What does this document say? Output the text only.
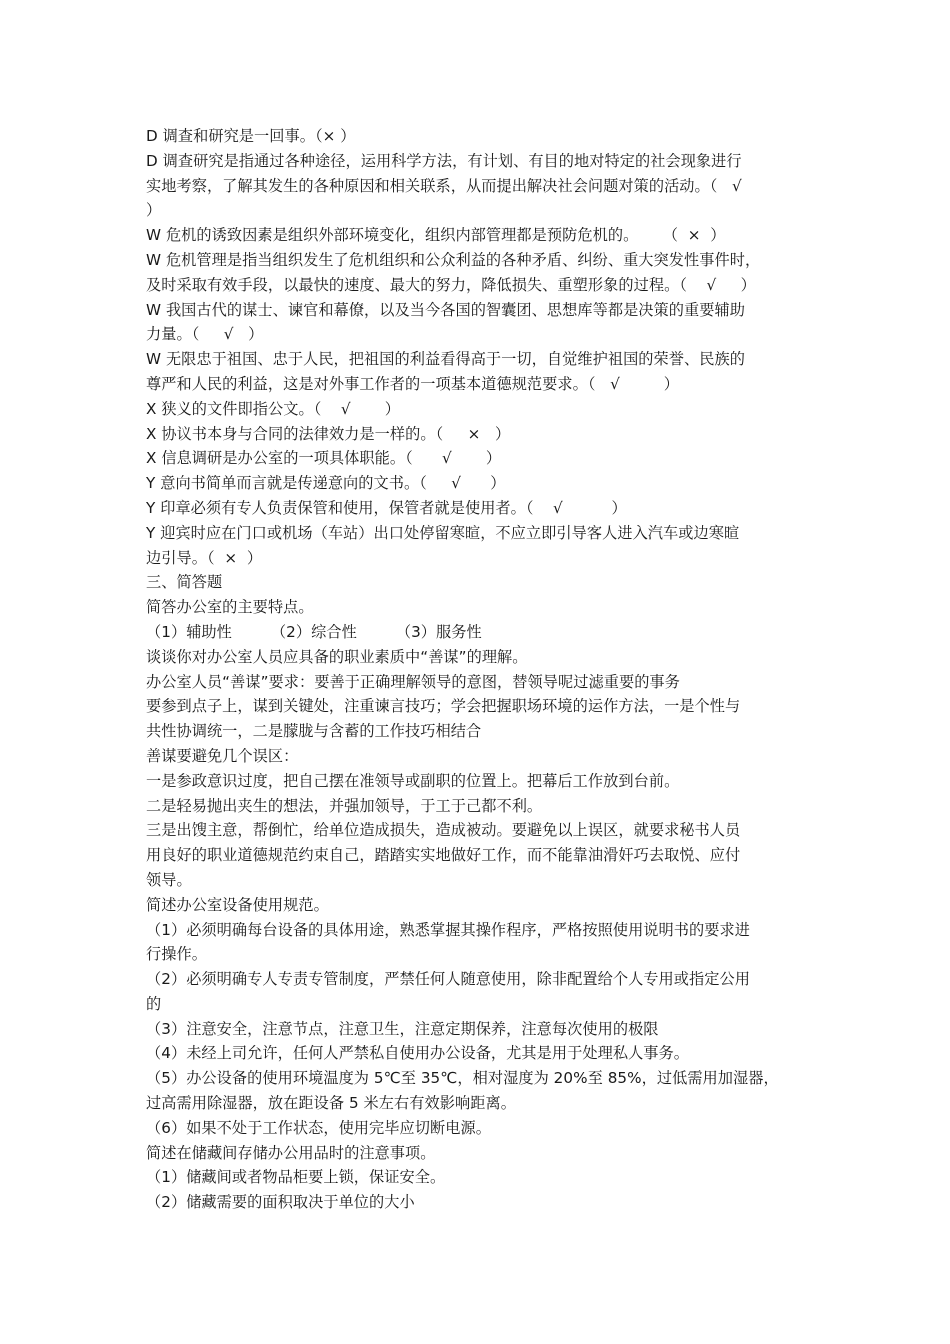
D 调查和研究是一回事。（× ）
D 调查研究是指通过各种途径，运用科学方法，有计划、有目的地对特定的社会现象进行
实地考察，了解其发生的各种原因和相关联系，从而提出解决社会问题对策的活动。（   √
）
W 危机的诱致因素是组织外部环境变化，组织内部管理都是预防危机的。     （  ×  ）
W 危机管理是指当组织发生了危机组织和公众利益的各种矛盾、纠纷、重大突发性事件时，
及时采取有效手段，以最快的速度、最大的努力，降低损失、重塑形象的过程。（    √     ）
W 我国古代的谋士、谏官和幕僚，以及当今各国的智囊团、思想库等都是决策的重要辅助
力量。（     √   ）
W 无限忠于祖国、忠于人民，把祖国的利益看得高于一切，自觉维护祖国的荣誉、民族的
尊严和人民的利益，这是对外事工作者的一项基本道德规范要求。（   √         ）
X 狭义的文件即指公文。（    √       ）
X 协议书本身与合同的法律效力是一样的。（     ×   ）
X 信息调研是办公室的一项具体职能。（      √       ）
Y 意向书简单而言就是传递意向的文书。（     √      ）
Y 印章必须有专人负责保管和使用，保管者就是使用者。（    √          ）
Y 迎宾时应在门口或机场（车站）出口处停留寒暄，不应立即引导客人进入汽车或边寒暄
边引导。（  ×  ）
三、简答题
简答办公室的主要特点。
（1）辅助性        （2）综合性        （3）服务性
谈谈你对办公室人员应具备的职业素质中“善谋”的理解。
办公室人员“善谋”要求：要善于正确理解领导的意图，替领导呢过滤重要的事务
要参到点子上，谋到关键处，注重谏言技巧；学会把握职场环境的运作方法，一是个性与
共性协调统一，二是朦胧与含蓄的工作技巧相结合
善谋要避免几个误区：
一是参政意识过度，把自己摆在准领导或副职的位置上。把幕后工作放到台前。
二是轻易抛出夹生的想法，并强加领导，于工于己都不利。
三是出馊主意，帮倒忙，给单位造成损失，造成被动。要避免以上误区，就要求秘书人员
用良好的职业道德规范约束自己，踏踏实实地做好工作，而不能靠油滑奸巧去取悦、应付
领导。
简述办公室设备使用规范。
（1）必须明确每台设备的具体用途，熟悉掌握其操作程序，严格按照使用说明书的要求进
行操作。
（2）必须明确专人专责专管制度，严禁任何人随意使用，除非配置给个人专用或指定公用
的
（3）注意安全，注意节点，注意卫生，注意定期保养，注意每次使用的极限
（4）未经上司允许，任何人严禁私自使用办公设备，尤其是用于处理私人事务。
（5）办公设备的使用环境温度为 5℃至 35℃，相对湿度为 20%至 85%，过低需用加湿器，
过高需用除湿器，放在距设备 5 米左右有效影响距离。
（6）如果不处于工作状态，使用完毕应切断电源。
简述在储藏间存储办公用品时的注意事项。
（1）储藏间或者物品柜要上锁，保证安全。
（2）储藏需要的面积取决于单位的大小
